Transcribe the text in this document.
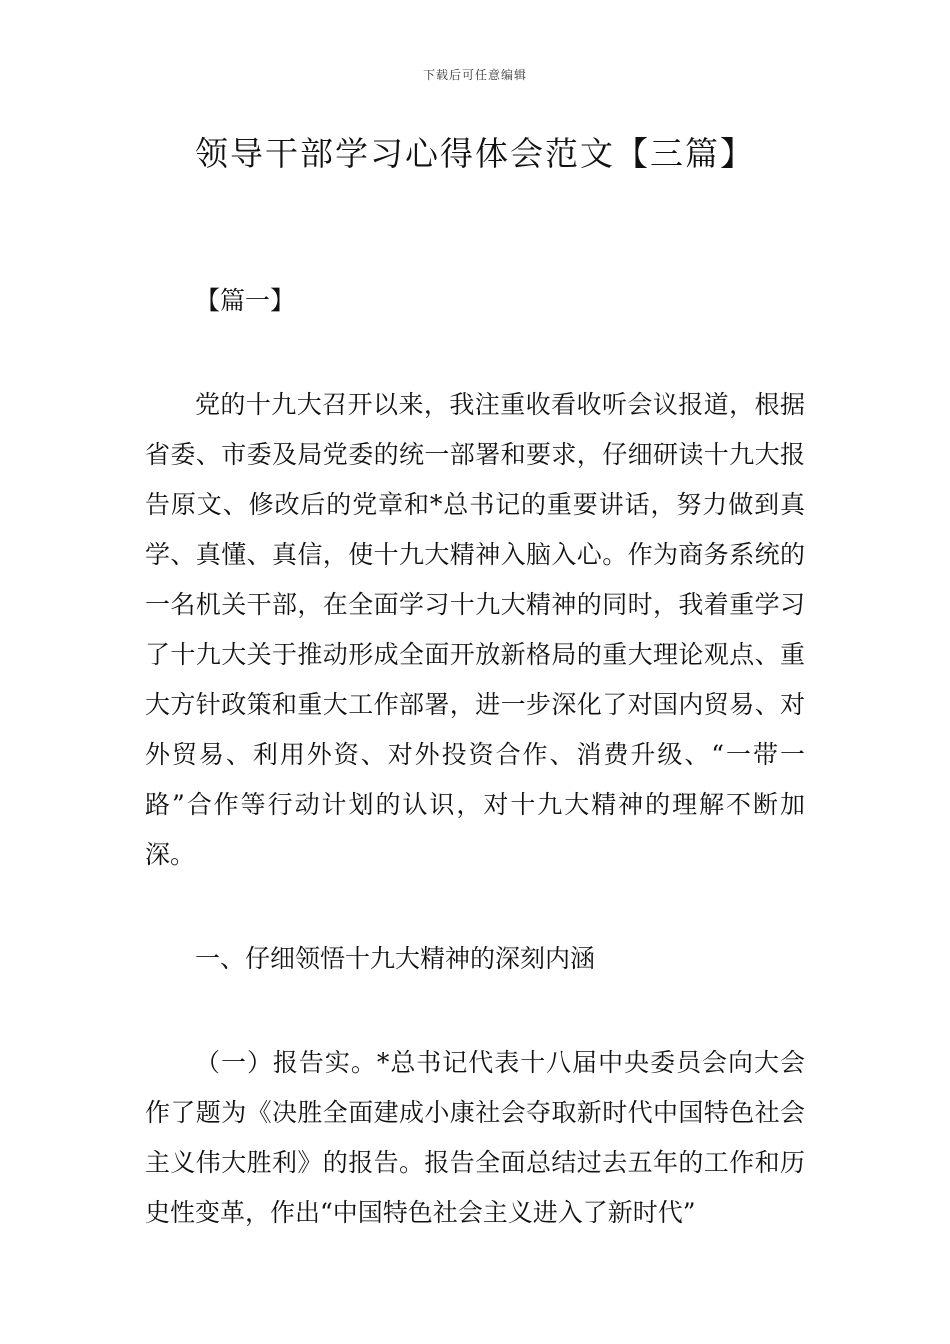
下载后可任意编辑
领导干部学习心得体会范文【三篇】

【篇一】

党的十九大召开以来，我注重收看收听会议报道，根据省委、市委及局党委的统一部署和要求，仔细研读十九大报告原文、修改后的党章和*总书记的重要讲话，努力做到真学、真懂、真信，使十九大精神入脑入心。作为商务系统的一名机关干部，在全面学习十九大精神的同时，我着重学习了十九大关于推动形成全面开放新格局的重大理论观点、重大方针政策和重大工作部署，进一步深化了对国内贸易、对外贸易、利用外资、对外投资合作、消费升级、“一带一路”合作等行动计划的认识，对十九大精神的理解不断加深。

一、仔细领悟十九大精神的深刻内涵

（一）报告实。*总书记代表十八届中央委员会向大会作了题为《决胜全面建成小康社会夺取新时代中国特色社会主义伟大胜利》的报告。报告全面总结过去五年的工作和历史性变革，作出“中国特色社会主义进入了新时代”
